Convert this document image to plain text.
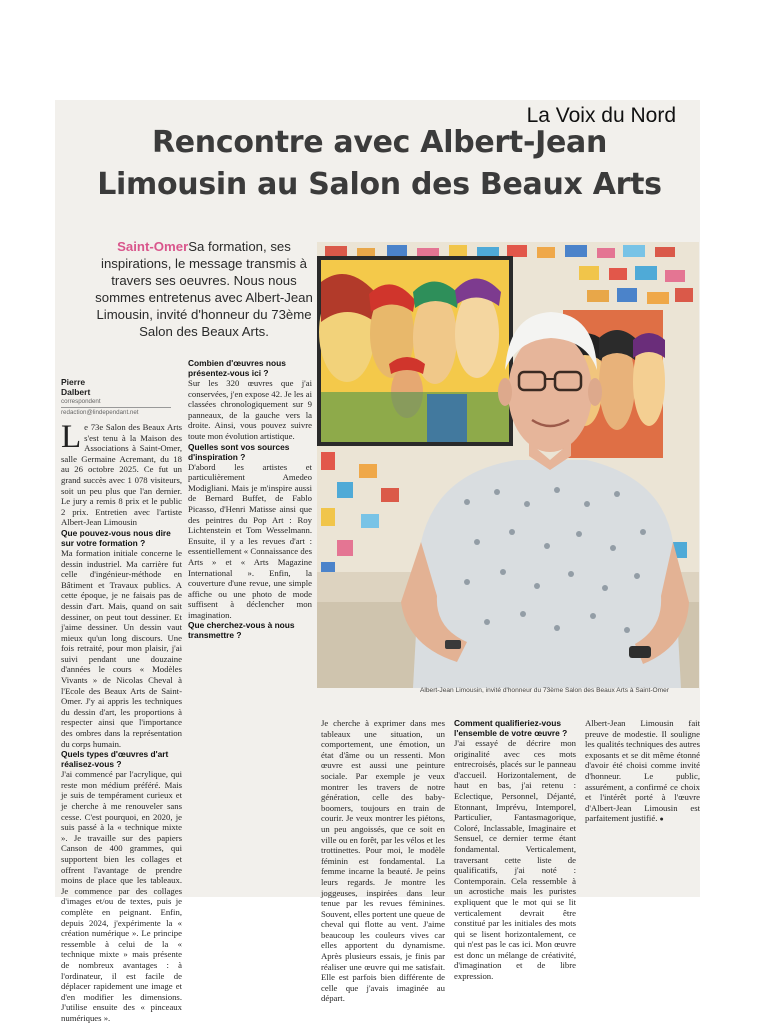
La Voix du Nord
Rencontre avec Albert-Jean
Limousin au Salon des Beaux Arts
Saint-OmerSa formation, ses inspirations, le message transmis à travers ses oeuvres. Nous nous sommes entretenus avec Albert-Jean Limousin, invité d'honneur du 73ème Salon des Beaux Arts.
Albert-Jean Limousin, invité d'honneur du 73ème Salon des Beaux Arts à Saint-Omer
Pierre
Dalbert
correspondent
redaction@lindependant.net

Le 73e Salon des Beaux Arts s'est tenu à la Maison des Associations à Saint-Omer, salle Germaine Acremant, du 18 au 26 octobre 2025. Ce fut un grand succès avec 1 078 visiteurs, soit un peu plus que l'an dernier. Le jury a remis 8 prix et le public 2 prix. Entretien avec l'artiste Albert-Jean Limousin

Que pouvez-vous nous dire sur votre formation ?

Ma formation initiale concerne le dessin industriel. Ma carrière fut celle d'ingénieur-méthode en Bâtiment et Travaux publics. A cette époque, je ne faisais pas de dessin d'art. Mais, quand on sait dessiner, on peut tout dessiner. Et j'aime dessiner. Un dessin vaut mieux qu'un long discours. Une fois retraité, pour mon plaisir, j'ai suivi pendant une douzaine d'années le cours « Modèles Vivants » de Nicolas Cheval à l'Ecole des Beaux Arts de Saint-Omer. J'y ai appris les techniques du dessin d'art, les proportions à respecter ainsi que l'importance des ombres dans la représentation du corps humain.

Quels types d'œuvres d'art réalisez-vous ?

J'ai commencé par l'acrylique, qui reste mon médium préféré. Mais je suis de tempérament curieux et je cherche à me renouveler sans cesse. C'est pourquoi, en 2020, je suis passé à la « technique mixte ». Je travaille sur des papiers Canson de 400 grammes, qui supportent bien les collages et offrent l'avantage de prendre moins de place que les tableaux. Je commence par des collages d'images et/ou de textes, puis je complète en peignant. Enfin, depuis 2024, j'expérimente la « création numérique ». Le principe ressemble à celui de la « technique mixte » mais présente de nombreux avantages : à l'ordinateur, il est facile de déplacer rapidement une image et d'en modifier les dimensions. J'utilise ensuite des « pinceaux numériques ».

Combien d'œuvres nous présentez-vous ici ?

Sur les 320 œuvres que j'ai conservées, j'en expose 42. Je les ai classées chronologiquement sur 9 panneaux, de la gauche vers la droite. Ainsi, vous pouvez suivre toute mon évolution artistique.

Quelles sont vos sources d'inspiration ?

D'abord les artistes et particulièrement Amedeo Modigliani. Mais je m'inspire aussi de Bernard Buffet, de Fablo Picasso, d'Henri Matisse ainsi que des peintres du Pop Art : Roy Lichtenstein et Tom Wesselmann. Ensuite, il y a les revues d'art : essentiellement « Connaissance des Arts » et « Arts Magazine International ». Enfin, la couverture d'une revue, une simple affiche ou une photo de mode suffisent à déclencher mon imagination.

Que cherchez-vous à nous transmettre ?

Je cherche à exprimer dans mes tableaux une situation, un comportement, une émotion, un état d'âme ou un ressenti. Mon œuvre est aussi une peinture sociale. Par exemple je veux montrer les travers de notre génération, celle des baby-boomers, toujours en train de courir. Je veux montrer les piétons, un peu angoissés, que ce soit en ville ou en forêt, par les vélos et les trottinettes. Pour moi, le modèle féminin est fondamental. La femme incarne la beauté. Je peins leurs regards. Je montre les joggeuses, inspirées dans leur tenue par les revues féminines. Souvent, elles portent une queue de cheval qui flotte au vent. J'aime beaucoup les couleurs vives car elles apportent du dynamisme. Après plusieurs essais, je finis par réaliser une œuvre qui me satisfait. Elle est parfois bien différente de celle que j'avais imaginée au départ.

Comment qualifieriez-vous l'ensemble de votre œuvre ?

J'ai essayé de décrire mon originalité avec ces mots entrecroisés, placés sur le panneau d'accueil. Horizontalement, de haut en bas, j'ai retenu : Eclectique, Personnel, Déjanté, Etonnant, Imprévu, Intemporel, Particulier, Fantasmagorique, Coloré, Inclassable, Imaginaire et Sensuel, ce dernier terme étant fondamental. Verticalement, traversant cette liste de qualificatifs, j'ai noté : Contemporain. Cela ressemble à un acrostiche mais les puristes expliquent que le mot qui se lit verticalement devrait être constitué par les initiales des mots qui se lisent horizontalement, ce qui n'est pas le cas ici. Mon œuvre est donc un mélange de créativité, d'imagination et de libre expression.

Albert-Jean Limousin fait preuve de modestie. Il souligne les qualités techniques des autres exposants et se dit même étonné d'avoir été choisi comme invité d'honneur. Le public, assurément, a confirmé ce choix et l'intérêt porté à l'œuvre d'Albert-Jean Limousin est parfaitement justifié. ●
